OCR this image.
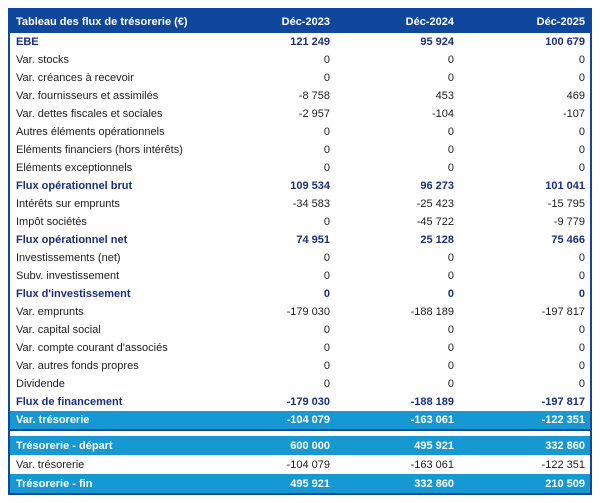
Tableau des flux de trésorerie (€)	Déc-2023	Déc-2024	Déc-2025
EBE	121 249	95 924	100 679
Var. stocks	0	0	0
Var. créances à recevoir	0	0	0
Var. fournisseurs et assimilés	-8 758	453	469
Var. dettes fiscales et sociales	-2 957	-104	-107
Autres éléments opérationnels	0	0	0
Eléments financiers (hors intérêts)	0	0	0
Eléments exceptionnels	0	0	0
Flux opérationnel brut	109 534	96 273	101 041
Intérêts sur emprunts	-34 583	-25 423	-15 795
Impôt sociétés	0	-45 722	-9 779
Flux opérationnel net	74 951	25 128	75 466
Investissements (net)	0	0	0
Subv. investissement	0	0	0
Flux d'investissement	0	0	0
Var. emprunts	-179 030	-188 189	-197 817
Var. capital social	0	0	0
Var. compte courant d'associés	0	0	0
Var. autres fonds propres	0	0	0
Dividende	0	0	0
Flux de financement	-179 030	-188 189	-197 817
Var. trésorerie	-104 079	-163 061	-122 351
Trésorerie - départ	600 000	495 921	332 860
Var. trésorerie	-104 079	-163 061	-122 351
Trésorerie - fin	495 921	332 860	210 509
